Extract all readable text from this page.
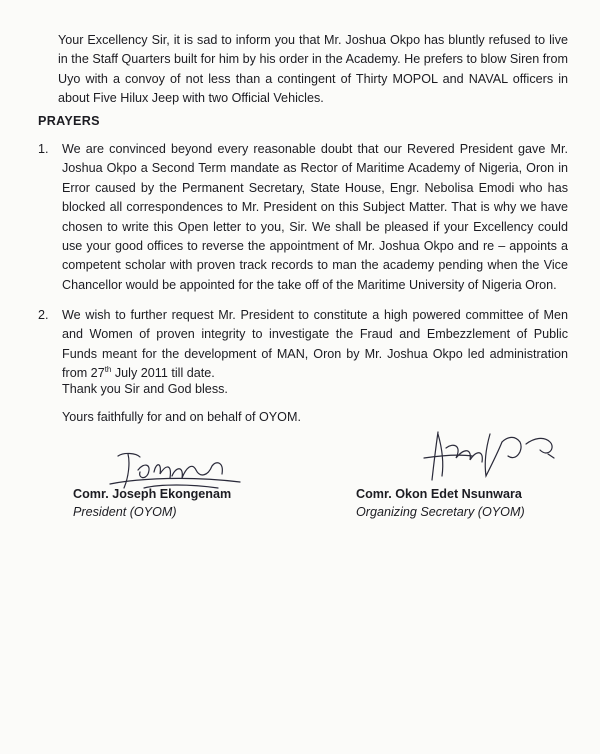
Your Excellency Sir, it is sad to inform you that Mr. Joshua Okpo has bluntly refused to live in the Staff Quarters built for him by his order in the Academy. He prefers to blow Siren from Uyo with a convoy of not less than a contingent of Thirty MOPOL and NAVAL officers in about Five Hilux Jeep with two Official Vehicles.

PRAYERS

1. We are convinced beyond every reasonable doubt that our Revered President gave Mr. Joshua Okpo a Second Term mandate as Rector of Maritime Academy of Nigeria, Oron in Error caused by the Permanent Secretary, State House, Engr. Nebolisa Emodi who has blocked all correspondences to Mr. President on this Subject Matter. That is why we have chosen to write this Open letter to you, Sir. We shall be pleased if your Excellency could use your good offices to reverse the appointment of Mr. Joshua Okpo and re – appoints a competent scholar with proven track records to man the academy pending when the Vice Chancellor would be appointed for the take off of the Maritime University of Nigeria Oron.
2. We wish to further request Mr. President to constitute a high powered committee of Men and Women of proven integrity to investigate the Fraud and Embezzlement of Public Funds meant for the development of MAN, Oron by Mr. Joshua Okpo led administration from 27th July 2011 till date.

Thank you Sir and God bless.

Yours faithfully for and on behalf of OYOM.

Comr. Joseph Ekongenam

President (OYOM)

Comr. Okon Edet Nsunwara

Organizing Secretary (OYOM)
